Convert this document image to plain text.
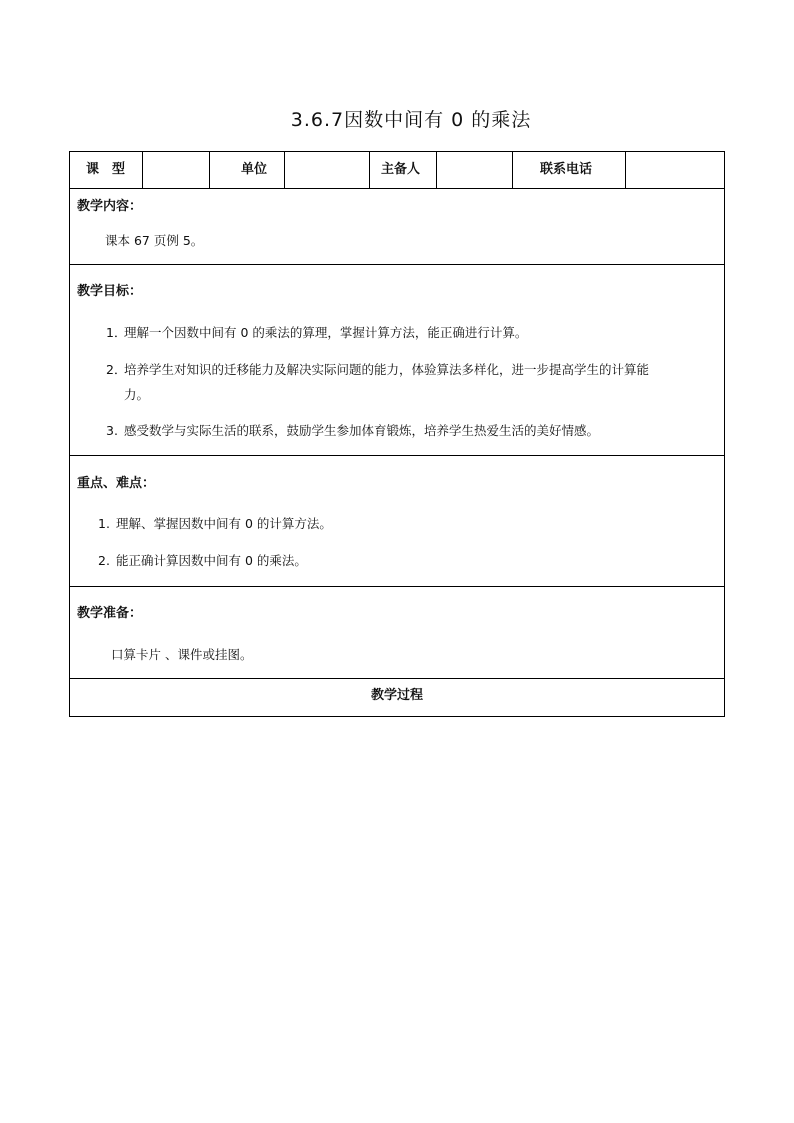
3.6.7因数中间有 0 的乘法
课　型	单位	主备人	联系电话
教学内容：
课本 67 页例 5。
教学目标：
1．理解一个因数中间有 0 的乘法的算理，掌握计算方法，能正确进行计算。
2．培养学生对知识的迁移能力及解决实际问题的能力，体验算法多样化，进一步提高学生的计算能
力。
3. 感受数学与实际生活的联系，鼓励学生参加体育锻炼，培养学生热爱生活的美好情感。
重点、难点：
1. 理解、掌握因数中间有 0 的计算方法。
2. 能正确计算因数中间有 0 的乘法。
教学准备：
口算卡片 、课件或挂图。
教学过程
